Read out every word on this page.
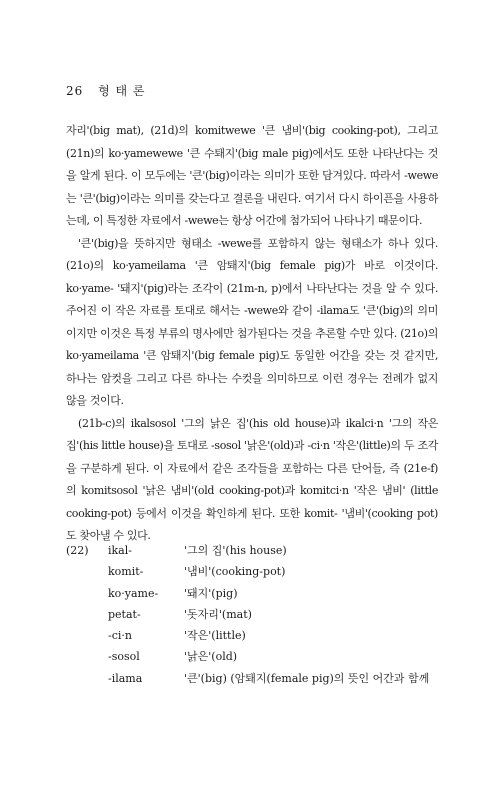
26 형 태 론

자리'(big mat), (21d)의 komitwewe '큰 냄비'(big cooking-pot), 그리고 (21n)의 ko·yamewewe '큰 수퇘지'(big male pig)에서도 또한 나타난다는 것을 알게 된다. 이 모두에는 '큰'(big)이라는 의미가 또한 담겨있다. 따라서 -wewe는 '큰'(big)이라는 의미를 갖는다고 결론을 내린다. 여기서 다시 하이픈을 사용하는데, 이 특정한 자료에서 -wewe는 항상 어간에 첨가되어 나타나기 때문이다.

'큰'(big)을 뜻하지만 형태소 -wewe를 포함하지 않는 형태소가 하나 있다. (21o)의 ko·yameilama '큰 암퇘지'(big female pig)가 바로 이것이다. ko·yame- '돼지'(pig)라는 조각이 (21m-n, p)에서 나타난다는 것을 알 수 있다. 주어진 이 작은 자료를 토대로 해서는 -wewe와 같이 -ilama도 '큰'(big)의 의미이지만 이것은 특정 부류의 명사에만 첨가된다는 것을 추론할 수만 있다. (21o)의 ko·yameilama '큰 암퇘지'(big female pig)도 동일한 어간을 갖는 것 같지만, 하나는 암컷을 그리고 다른 하나는 수컷을 의미하므로 이런 경우는 전례가 없지 않을 것이다.

(21b-c)의 ikalsosol '그의 낡은 집'(his old house)과 ikalci·n '그의 작은 집'(his little house)을 토대로 -sosol '낡은'(old)과 -ci·n '작은'(little)의 두 조각을 구분하게 된다. 이 자료에서 같은 조각들을 포함하는 다른 단어들, 즉 (21e-f)의 komitsosol '낡은 냄비'(old cooking-pot)과 komitci·n '작은 냄비' (little cooking-pot) 등에서 이것을 확인하게 된다. 또한 komit- '냄비'(cooking pot)도 찾아낼 수 있다.

(22)	ikal-	'그의 집'(his house)
komit-	'냄비'(cooking-pot)
ko·yame-	'돼지'(pig)
petat-	'돗자리'(mat)
-ci·n	'작은'(little)
-sosol	'낡은'(old)
-ilama	'큰'(big) (암퇘지(female pig)의 뜻인 어간과 함께
